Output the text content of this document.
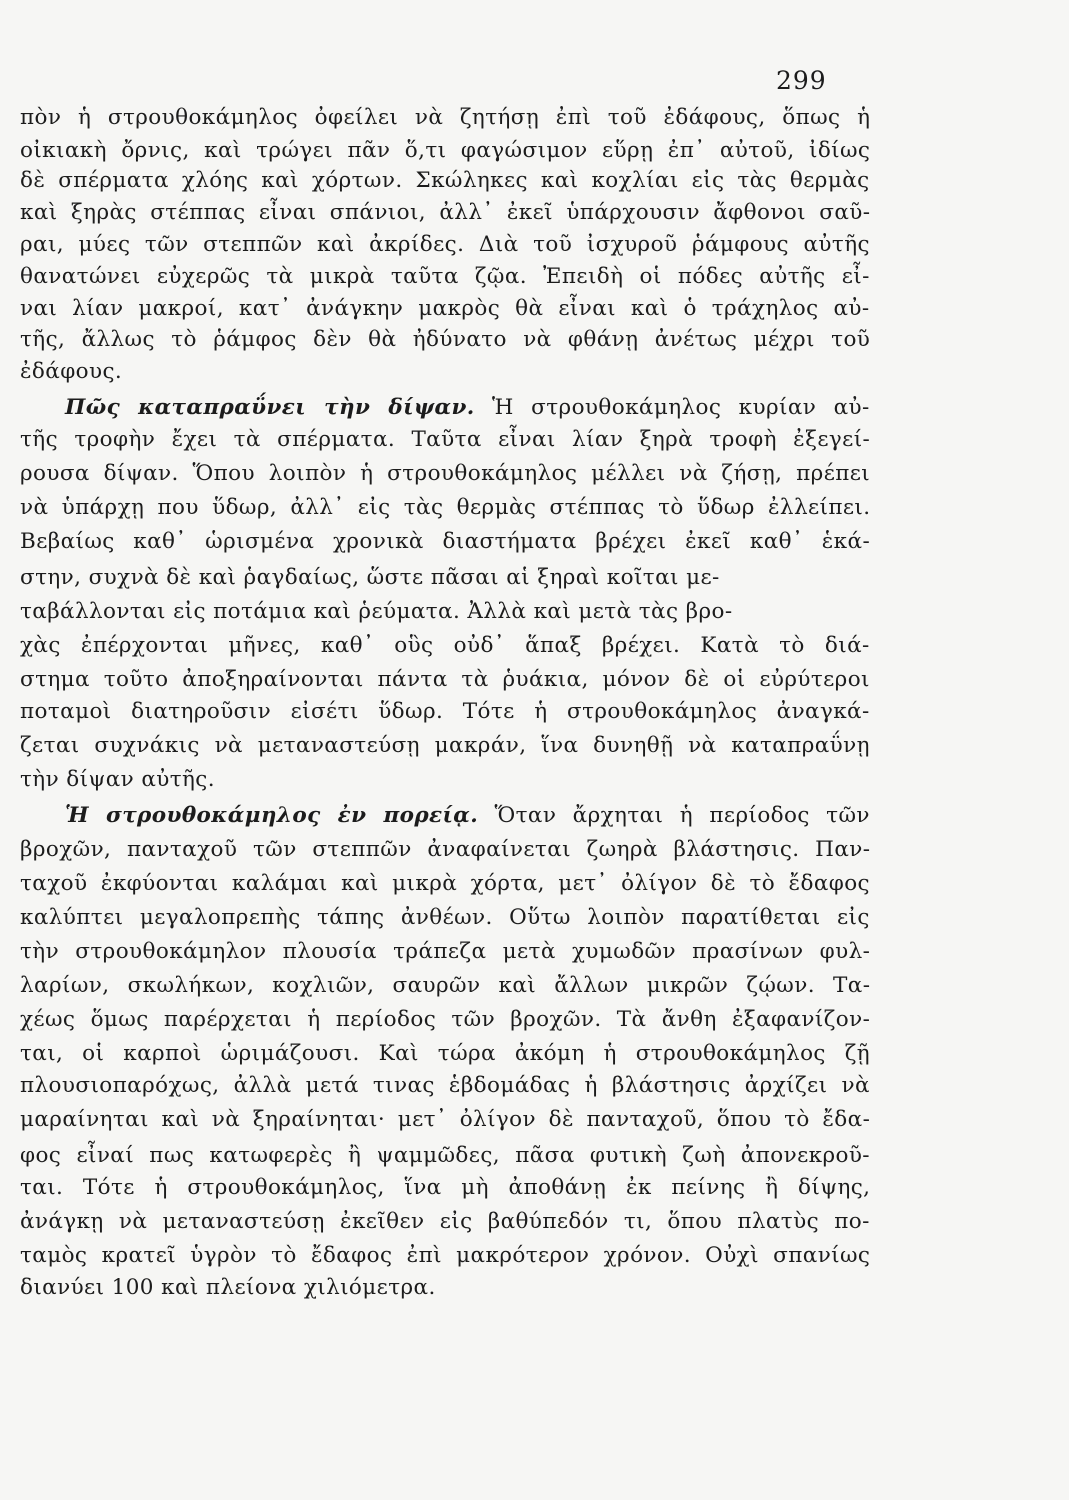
299
πὸν ἡ στρουθοκάμηλος ὀφείλει νὰ ζητήσῃ ἐπὶ τοῦ ἐδάφους, ὅπως ἡ
οἰκιακὴ ὄρνις, καὶ τρώγει πᾶν ὅ,τι φαγώσιμον εὕρῃ ἐπ᾽ αὐτοῦ, ἰδίως
δὲ σπέρματα χλόης καὶ χόρτων. Σκώληκες καὶ κοχλίαι εἰς τὰς θερμὰς
καὶ ξηρὰς στέππας εἶναι σπάνιοι, ἀλλ᾽ ἐκεῖ ὑπάρχουσιν ἄφθονοι σαῦ-
ραι, μύες τῶν στεππῶν καὶ ἀκρίδες. Διὰ τοῦ ἰσχυροῦ ῥάμφους αὐτῆς
θανατώνει εὐχερῶς τὰ μικρὰ ταῦτα ζῷα. Ἐπειδὴ οἱ πόδες αὐτῆς εἶ-
ναι λίαν μακροί, κατ᾽ ἀνάγκην μακρὸς θὰ εἶναι καὶ ὁ τράχηλος αὐ-
τῆς, ἄλλως τὸ ῥάμφος δὲν θὰ ἠδύνατο νὰ φθάνῃ ἀνέτως μέχρι τοῦ
ἐδάφους.
Πῶς καταπραΰνει τὴν δίψαν. Ἡ στρουθοκάμηλος κυρίαν αὐ-
τῆς τροφὴν ἔχει τὰ σπέρματα. Ταῦτα εἶναι λίαν ξηρὰ τροφὴ ἐξεγεί-
ρουσα δίψαν. Ὅπου λοιπὸν ἡ στρουθοκάμηλος μέλλει νὰ ζήσῃ, πρέπει
νὰ ὑπάρχῃ που ὕδωρ, ἀλλ᾽ εἰς τὰς θερμὰς στέππας τὸ ὕδωρ ἐλλείπει.
Βεβαίως καθ᾽ ὡρισμένα χρονικὰ διαστήματα βρέχει ἐκεῖ καθ᾽ ἑκά-
στην, συχνὰ δὲ καὶ ῥαγδαίως, ὥστε πᾶσαι αἱ ξηραὶ κοῖται με-
ταβάλλονται εἰς ποτάμια καὶ ῥεύματα. Ἀλλὰ καὶ μετὰ τὰς βρο-
χὰς ἐπέρχονται μῆνες, καθ᾽ οὓς οὐδ᾽ ἅπαξ βρέχει. Κατὰ τὸ διά-
στημα τοῦτο ἀποξηραίνονται πάντα τὰ ῥυάκια, μόνον δὲ οἱ εὐρύτεροι
ποταμοὶ διατηροῦσιν εἰσέτι ὕδωρ. Τότε ἡ στρουθοκάμηλος ἀναγκά-
ζεται συχνάκις νὰ μεταναστεύσῃ μακράν, ἵνα δυνηθῇ νὰ καταπραΰνῃ
τὴν δίψαν αὐτῆς.
Ἡ στρουθοκάμηλος ἐν πορείᾳ. Ὅταν ἄρχηται ἡ περίοδος τῶν
βροχῶν, πανταχοῦ τῶν στεππῶν ἀναφαίνεται ζωηρὰ βλάστησις. Παν-
ταχοῦ ἐκφύονται καλάμαι καὶ μικρὰ χόρτα, μετ᾽ ὀλίγον δὲ τὸ ἔδαφος
καλύπτει μεγαλοπρεπὴς τάπης ἀνθέων. Οὕτω λοιπὸν παρατίθεται εἰς
τὴν στρουθοκάμηλον πλουσία τράπεζα μετὰ χυμωδῶν πρασίνων φυλ-
λαρίων, σκωλήκων, κοχλιῶν, σαυρῶν καὶ ἄλλων μικρῶν ζῴων. Τα-
χέως ὅμως παρέρχεται ἡ περίοδος τῶν βροχῶν. Τὰ ἄνθη ἐξαφανίζον-
ται, οἱ καρποὶ ὡριμάζουσι. Καὶ τώρα ἀκόμη ἡ στρουθοκάμηλος ζῇ
πλουσιοπαρόχως, ἀλλὰ μετά τινας ἑβδομάδας ἡ βλάστησις ἀρχίζει νὰ
μαραίνηται καὶ νὰ ξηραίνηται· μετ᾽ ὀλίγον δὲ πανταχοῦ, ὅπου τὸ ἔδα-
φος εἶναί πως κατωφερὲς ἢ ψαμμῶδες, πᾶσα φυτικὴ ζωὴ ἀπονεκροῦ-
ται. Τότε ἡ στρουθοκάμηλος, ἵνα μὴ ἀποθάνῃ ἐκ πείνης ἢ δίψης,
ἀνάγκῃ νὰ μεταναστεύσῃ ἐκεῖθεν εἰς βαθύπεδόν τι, ὅπου πλατὺς πο-
ταμὸς κρατεῖ ὑγρὸν τὸ ἔδαφος ἐπὶ μακρότερον χρόνον. Οὐχὶ σπανίως
διανύει 100 καὶ πλείονα χιλιόμετρα.
